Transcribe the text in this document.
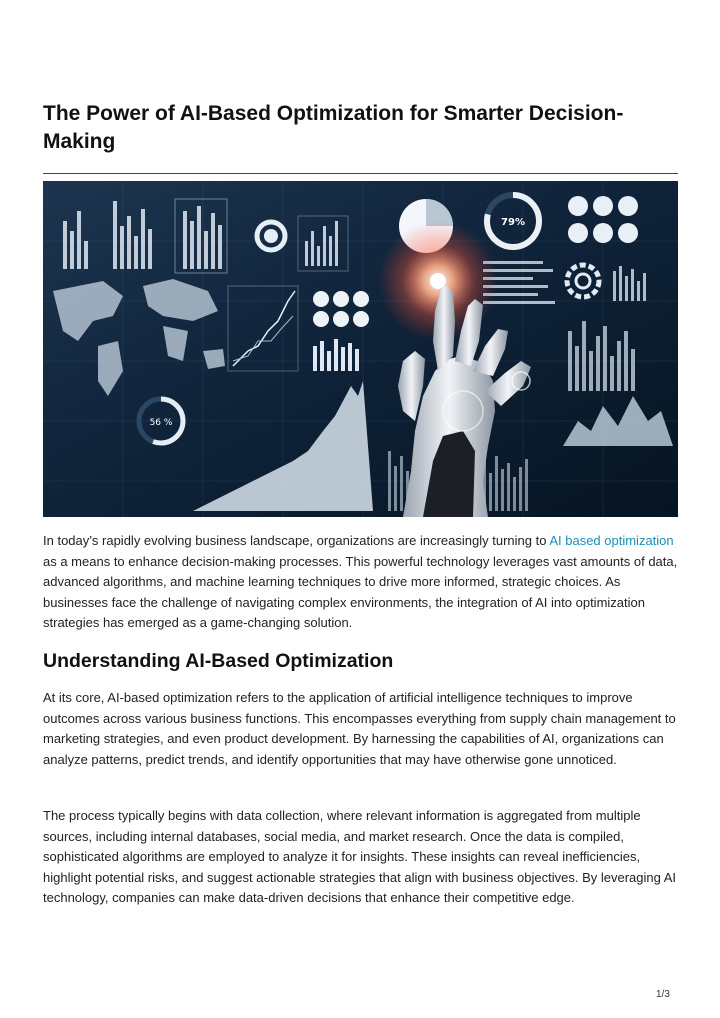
The Power of AI-Based Optimization for Smarter Decision-Making
79%
56 %

In today’s rapidly evolving business landscape, organizations are increasingly turning to AI based optimization as a means to enhance decision-making processes. This powerful technology leverages vast amounts of data, advanced algorithms, and machine learning techniques to drive more informed, strategic choices. As businesses face the challenge of navigating complex environments, the integration of AI into optimization strategies has emerged as a game-changing solution.

Understanding AI-Based Optimization

At its core, AI-based optimization refers to the application of artificial intelligence techniques to improve outcomes across various business functions. This encompasses everything from supply chain management to marketing strategies, and even product development. By harnessing the capabilities of AI, organizations can analyze patterns, predict trends, and identify opportunities that may have otherwise gone unnoticed.

The process typically begins with data collection, where relevant information is aggregated from multiple sources, including internal databases, social media, and market research. Once the data is compiled, sophisticated algorithms are employed to analyze it for insights. These insights can reveal inefficiencies, highlight potential risks, and suggest actionable strategies that align with business objectives. By leveraging AI technology, companies can make data-driven decisions that enhance their competitive edge.

1/3
